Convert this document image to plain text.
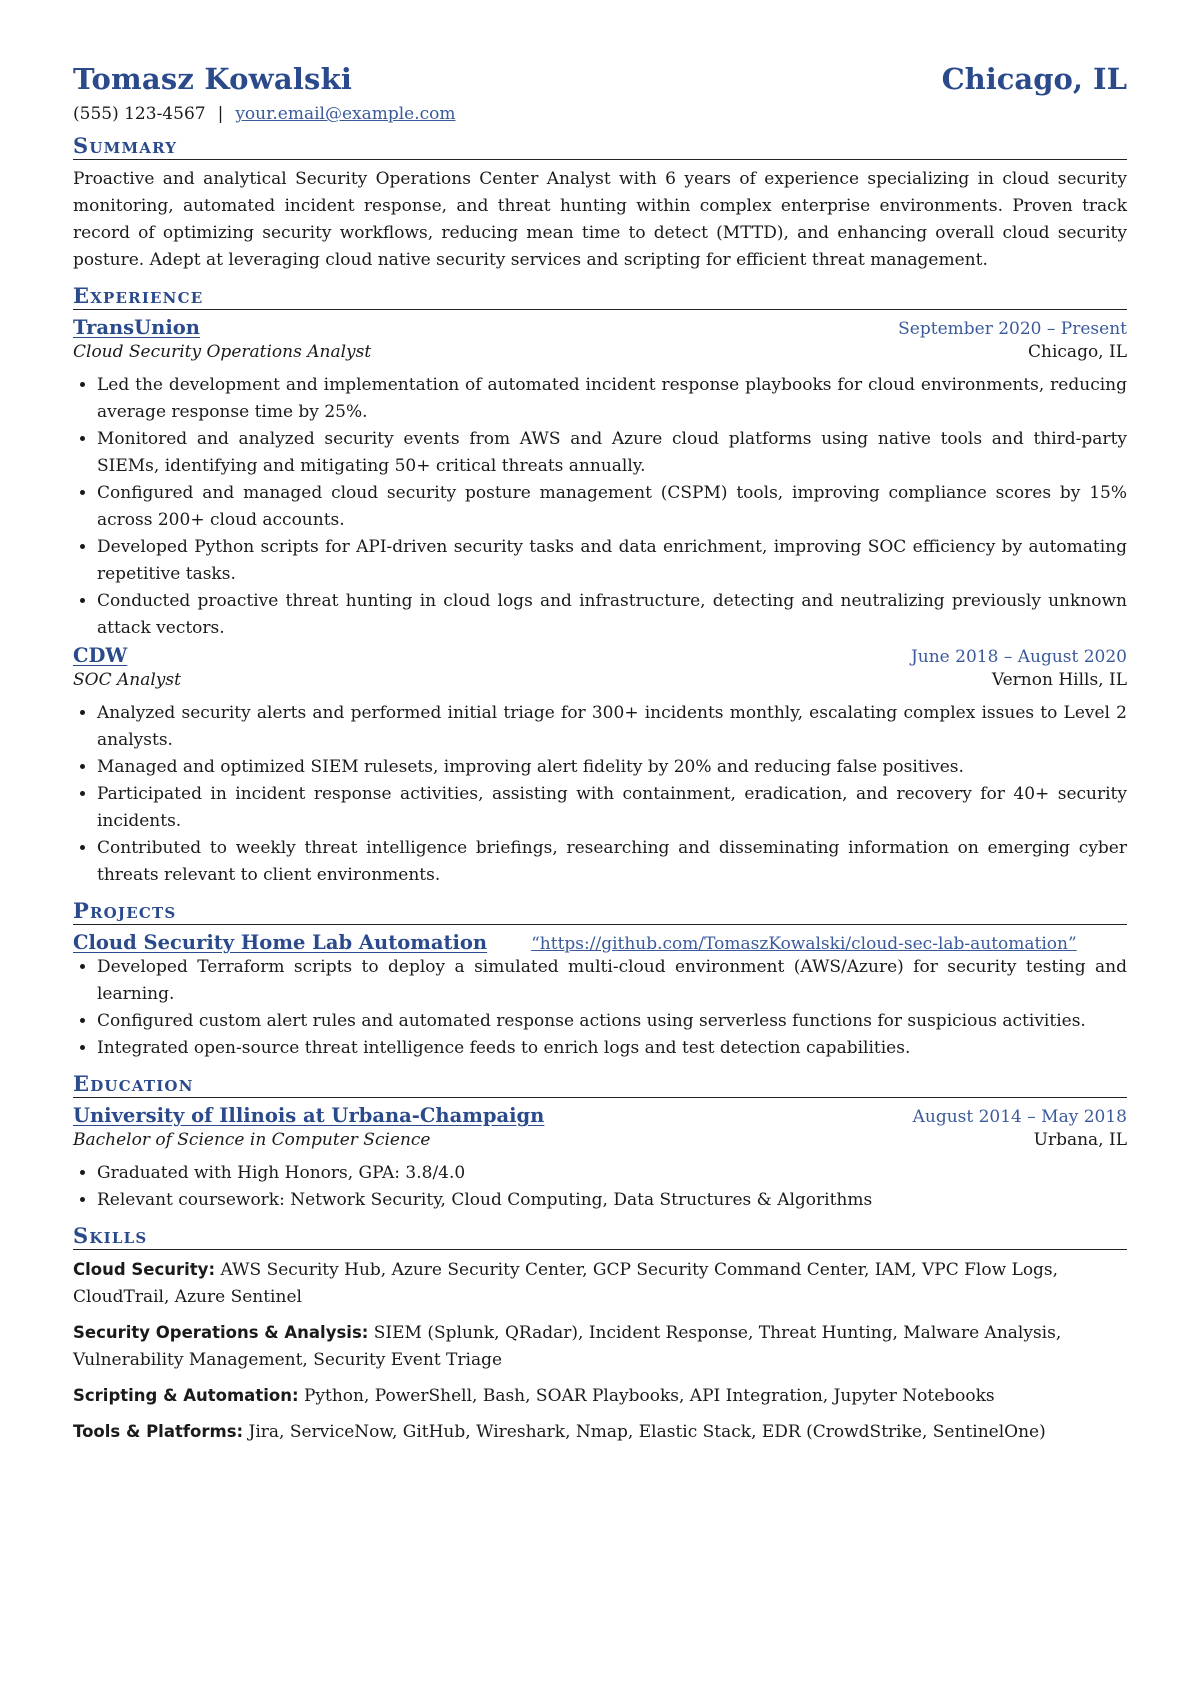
Tomasz Kowalski	Chicago, IL
(555) 123-4567 | your.email@example.com
Summary

Proactive and analytical Security Operations Center Analyst with 6 years of experience specializing in cloud security monitoring, automated incident response, and threat hunting within complex enterprise environments. Proven track record of optimizing security workflows, reducing mean time to detect (MTTD), and enhancing overall cloud security posture. Adept at leveraging cloud native security services and scripting for efficient threat management.

Experience
TransUnion	September 2020 – Present
Cloud Security Operations Analyst	Chicago, IL
• Led the development and implementation of automated incident response playbooks for cloud environments, reducing average response time by 25%.
• Monitored and analyzed security events from AWS and Azure cloud platforms using native tools and third-party SIEMs, identifying and mitigating 50+ critical threats annually.
• Configured and managed cloud security posture management (CSPM) tools, improving compliance scores by 15% across 200+ cloud accounts.
• Developed Python scripts for API-driven security tasks and data enrichment, improving SOC efficiency by automating repetitive tasks.
• Conducted proactive threat hunting in cloud logs and infrastructure, detecting and neutralizing previously unknown attack vectors.
CDW	June 2018 – August 2020
SOC Analyst	Vernon Hills, IL
• Analyzed security alerts and performed initial triage for 300+ incidents monthly, escalating complex issues to Level 2 analysts.
• Managed and optimized SIEM rulesets, improving alert fidelity by 20% and reducing false positives.
• Participated in incident response activities, assisting with containment, eradication, and recovery for 40+ security incidents.
• Contributed to weekly threat intelligence briefings, researching and disseminating information on emerging cyber threats relevant to client environments.
Projects
Cloud Security Home Lab Automation	“https://github.com/TomaszKowalski/cloud-sec-lab-automation”
• Developed Terraform scripts to deploy a simulated multi-cloud environment (AWS/Azure) for security testing and learning.
• Configured custom alert rules and automated response actions using serverless functions for suspicious activities.
• Integrated open-source threat intelligence feeds to enrich logs and test detection capabilities.
Education
University of Illinois at Urbana-Champaign	August 2014 – May 2018
Bachelor of Science in Computer Science	Urbana, IL
• Graduated with High Honors, GPA: 3.8/4.0
• Relevant coursework: Network Security, Cloud Computing, Data Structures & Algorithms
Skills

Cloud Security: AWS Security Hub, Azure Security Center, GCP Security Command Center, IAM, VPC Flow Logs, CloudTrail, Azure Sentinel

Security Operations & Analysis: SIEM (Splunk, QRadar), Incident Response, Threat Hunting, Malware Analysis, Vulnerability Management, Security Event Triage

Scripting & Automation: Python, PowerShell, Bash, SOAR Playbooks, API Integration, Jupyter Notebooks

Tools & Platforms: Jira, ServiceNow, GitHub, Wireshark, Nmap, Elastic Stack, EDR (CrowdStrike, SentinelOne)
